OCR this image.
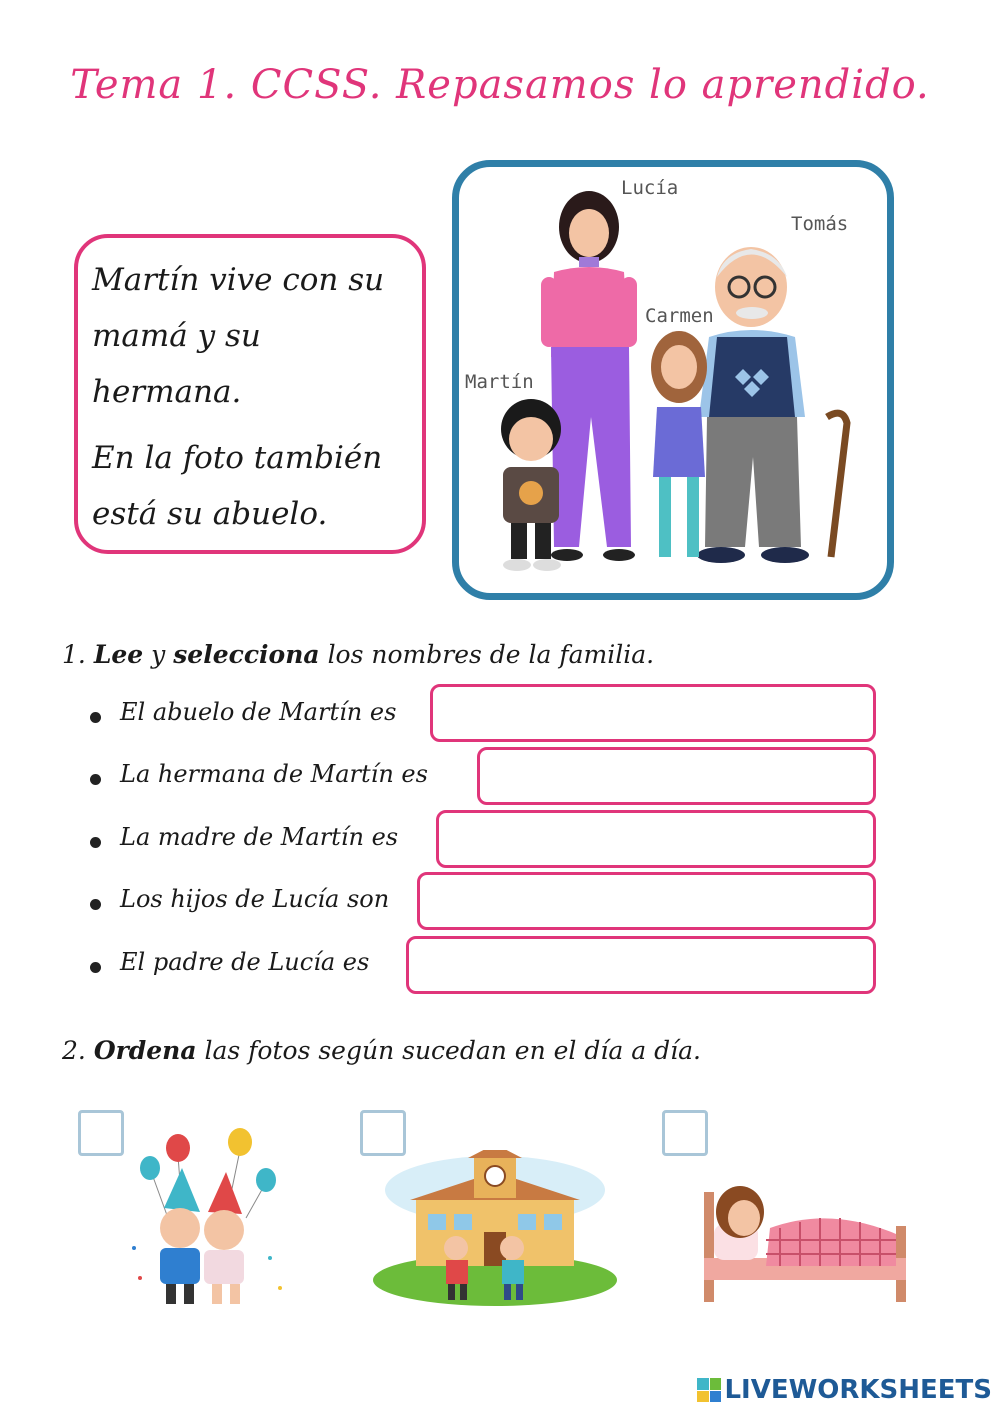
Tema 1. CCSS. Repasamos lo aprendido.

Martín vive con su mamá y su hermana.

En la foto también está su abuelo.

Lucía
Tomás
Carmen
Martín
1. Lee y selecciona los nombres de la familia.
El abuelo de Martín es
La hermana de Martín es
La madre de Martín es
Los hijos de Lucía son
El padre de Lucía es
2. Ordena las fotos según sucedan en el día a día.
LIVEWORKSHEETS
